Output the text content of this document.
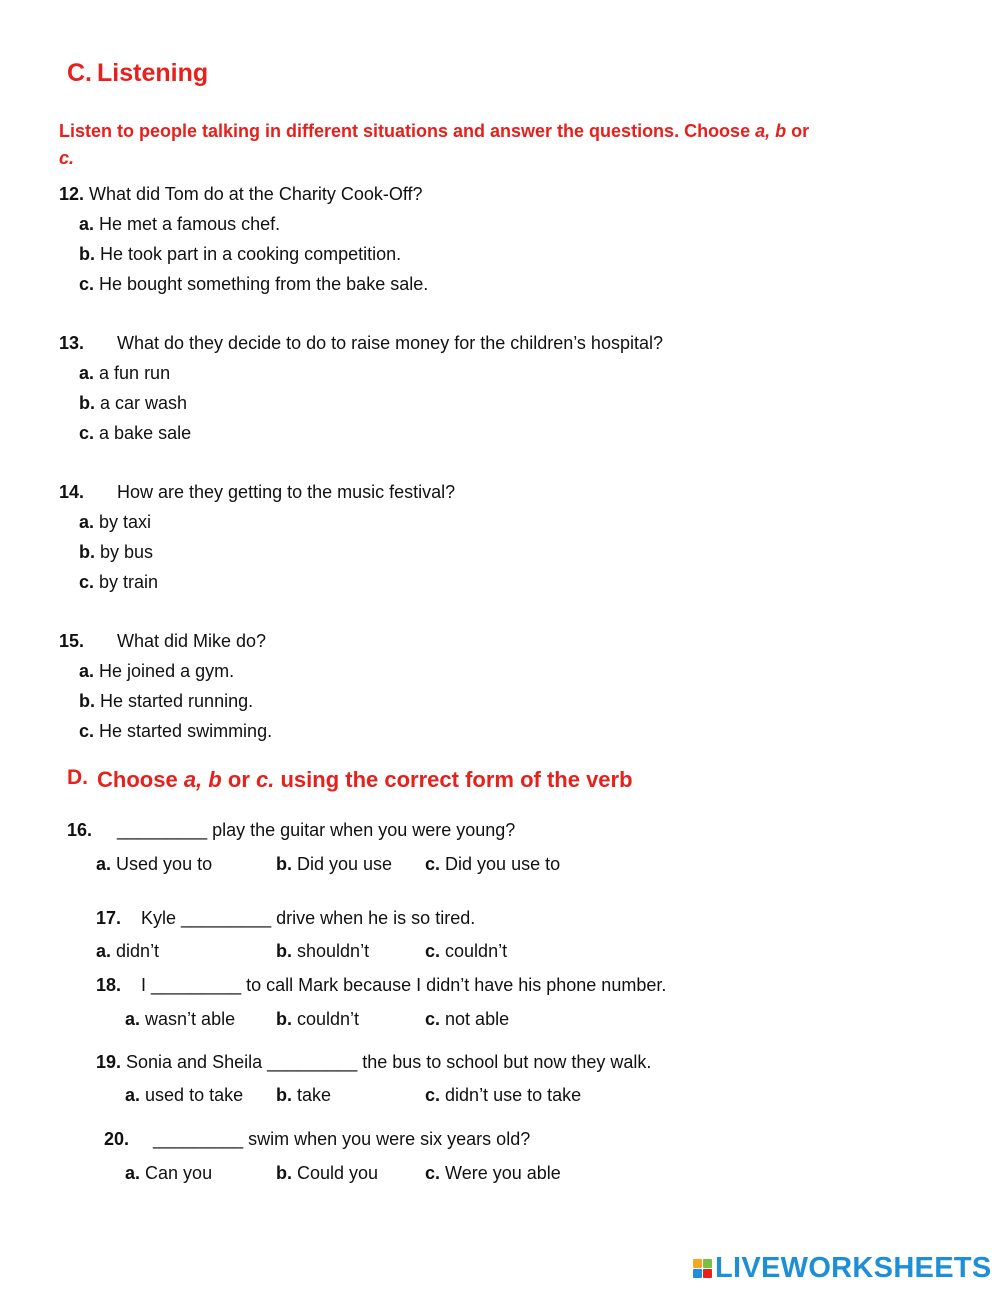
C. Listening
Listen to people talking in different situations and answer the questions. Choose a, b or
c.
12. What did Tom do at the Charity Cook-Off?
a. He met a famous chef.
b. He took part in a cooking competition.
c. He bought something from the bake sale.
13. What do they decide to do to raise money for the children’s hospital?
a. a fun run
b. a car wash
c. a bake sale
14. How are they getting to the music festival?
a. by taxi
b. by bus
c. by train
15. What did Mike do?
a. He joined a gym.
b. He started running.
c. He started swimming.
D. Choose a, b or c. using the correct form of the verb
16. _________ play the guitar when you were young?
a. Used you to	b. Did you use c. Did you use to
17. Kyle _________ drive when he is so tired.
a. didn’t	b. shouldn’t	c. couldn’t
18. I _________ to call Mark because I didn’t have his phone number.
a. wasn’t able b. couldn’t	c. not able
19. Sonia and Sheila _________ the bus to school but now they walk.
a. used to take b. take	c. didn’t use to take
20. _________ swim when you were six years old?
a. Can you	b. Could you	c. Were you able
LIVEWORKSHEETS
